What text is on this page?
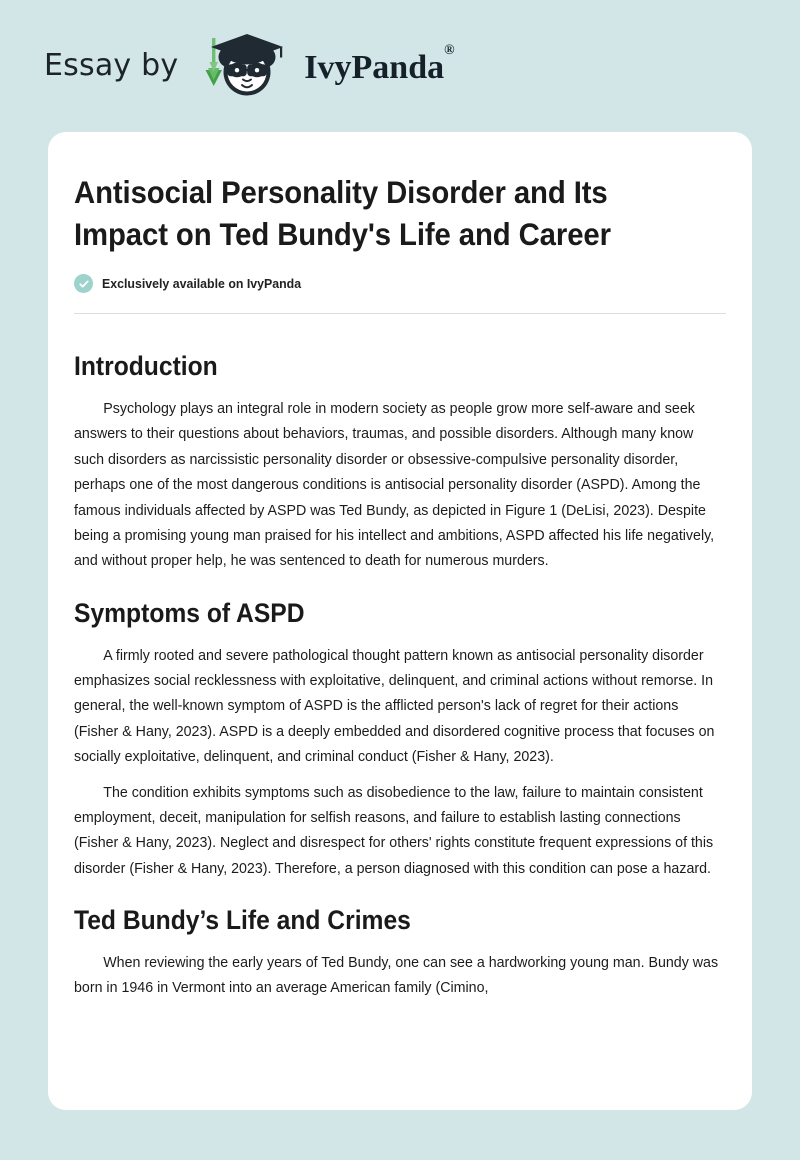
Essay by	IvyPanda®
Antisocial Personality Disorder and Its Impact on Ted Bundy's Life and Career
Exclusively available on IvyPanda
Introduction

Psychology plays an integral role in modern society as people grow more self-aware and seek answers to their questions about behaviors, traumas, and possible disorders. Although many know such disorders as narcissistic personality disorder or obsessive-compulsive personality disorder, perhaps one of the most dangerous conditions is antisocial personality disorder (ASPD). Among the famous individuals affected by ASPD was Ted Bundy, as depicted in Figure 1 (DeLisi, 2023). Despite being a promising young man praised for his intellect and ambitions, ASPD affected his life negatively, and without proper help, he was sentenced to death for numerous murders.

Symptoms of ASPD

A firmly rooted and severe pathological thought pattern known as antisocial personality disorder emphasizes social recklessness with exploitative, delinquent, and criminal actions without remorse. In general, the well-known symptom of ASPD is the afflicted person's lack of regret for their actions (Fisher & Hany, 2023). ASPD is a deeply embedded and disordered cognitive process that focuses on socially exploitative, delinquent, and criminal conduct (Fisher & Hany, 2023).

The condition exhibits symptoms such as disobedience to the law, failure to maintain consistent employment, deceit, manipulation for selfish reasons, and failure to establish lasting connections (Fisher & Hany, 2023). Neglect and disrespect for others' rights constitute frequent expressions of this disorder (Fisher & Hany, 2023). Therefore, a person diagnosed with this condition can pose a hazard.

Ted Bundy’s Life and Crimes

When reviewing the early years of Ted Bundy, one can see a hardworking young man. Bundy was born in 1946 in Vermont into an average American family (Cimino,
